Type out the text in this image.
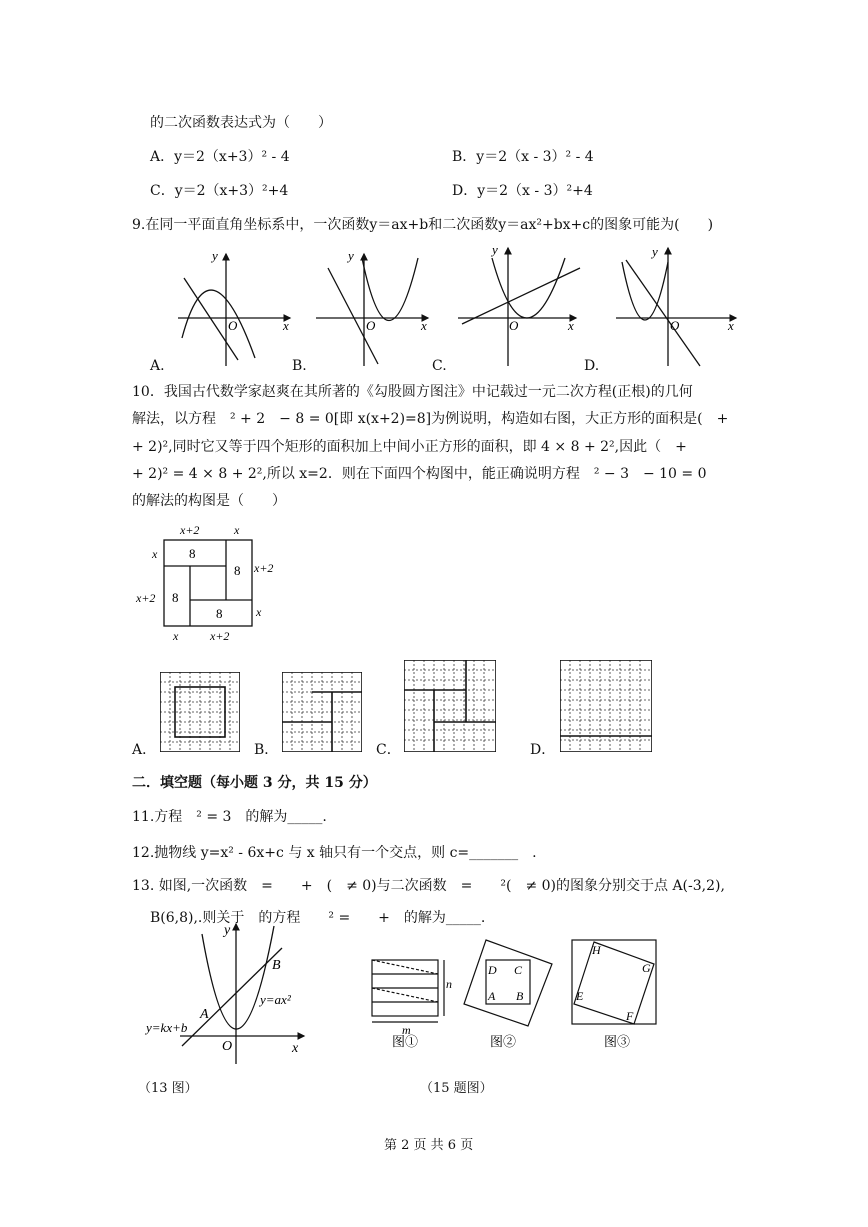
的二次函数表达式为（　　）
A．y＝2（x+3）² - 4	B．y＝2（x - 3）² - 4
C．y＝2（x+3）²+4	D．y＝2（x - 3）²+4
9.在同一平面直角坐标系中，一次函数y＝ax+b和二次函数y＝ax²+bx+c的图象可能为(　　)
y
x
O
y
x
O
y
x
O
y
x
O
A.	B.	C.	D.
10．我国古代数学家赵爽在其所著的《勾股圆方图注》中记载过一元二次方程(正根)的几何
解法，以方程　² + 2　− 8 = 0[即 x(x+2)=8]为例说明，构造如右图，大正方形的面积是(　+
+ 2)²,同时它又等于四个矩形的面积加上中间小正方形的面积，即 4 × 8 + 2²,因此（　+
+ 2)² = 4 × 8 + 2²,所以 x=2．则在下面四个构图中，能正确说明方程　² − 3　− 10 = 0
的解法的构图是（　　）
x+2	x
x
x+2
x+2
x
x	x+2
8
8
8
8
A．	B．	C．	D．
二．填空题（每小题 3 分，共 15 分）
11.方程　² = 3　的解为_____.
12.抛物线 y=x² - 6x+c 与 x 轴只有一个交点，则 c=_______　.
13. 如图,一次函数　=　　+　(　≠ 0)与二次函数　=　　²(　≠ 0)的图象分别交于点 A(-3,2),
B(6,8),.则关于　的方程　　² =　　+　的解为_____.
y
x
O
A
B
y=ax²
y=kx+b
n
m
图①
D C
A B
图②
H
G
E
F
图③
（13 图）	（15 题图）
第 2 页 共 6 页
